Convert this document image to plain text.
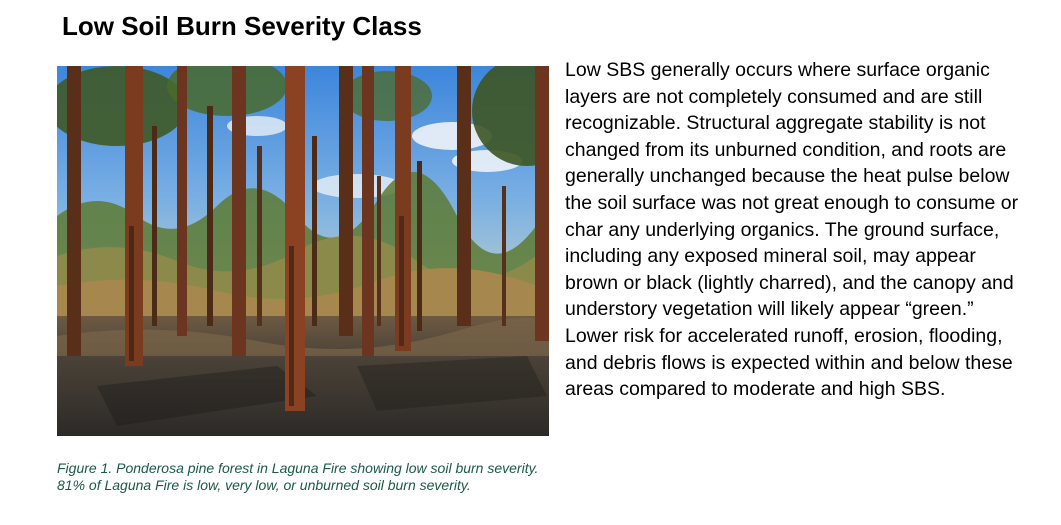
Low Soil Burn Severity Class

Figure 1. Ponderosa pine forest in Laguna Fire showing low soil burn severity. 81% of Laguna Fire is low, very low, or unburned soil burn severity.

Low SBS generally occurs where surface organic layers are not completely consumed and are still recognizable. Structural aggregate stability is not changed from its unburned condition, and roots are generally unchanged because the heat pulse below the soil surface was not great enough to consume or char any underlying organics. The ground surface, including any exposed mineral soil, may appear brown or black (lightly charred), and the canopy and understory vegetation will likely appear “green.” Lower risk for accelerated runoff, erosion, flooding, and debris flows is expected within and below these areas compared to moderate and high SBS.
